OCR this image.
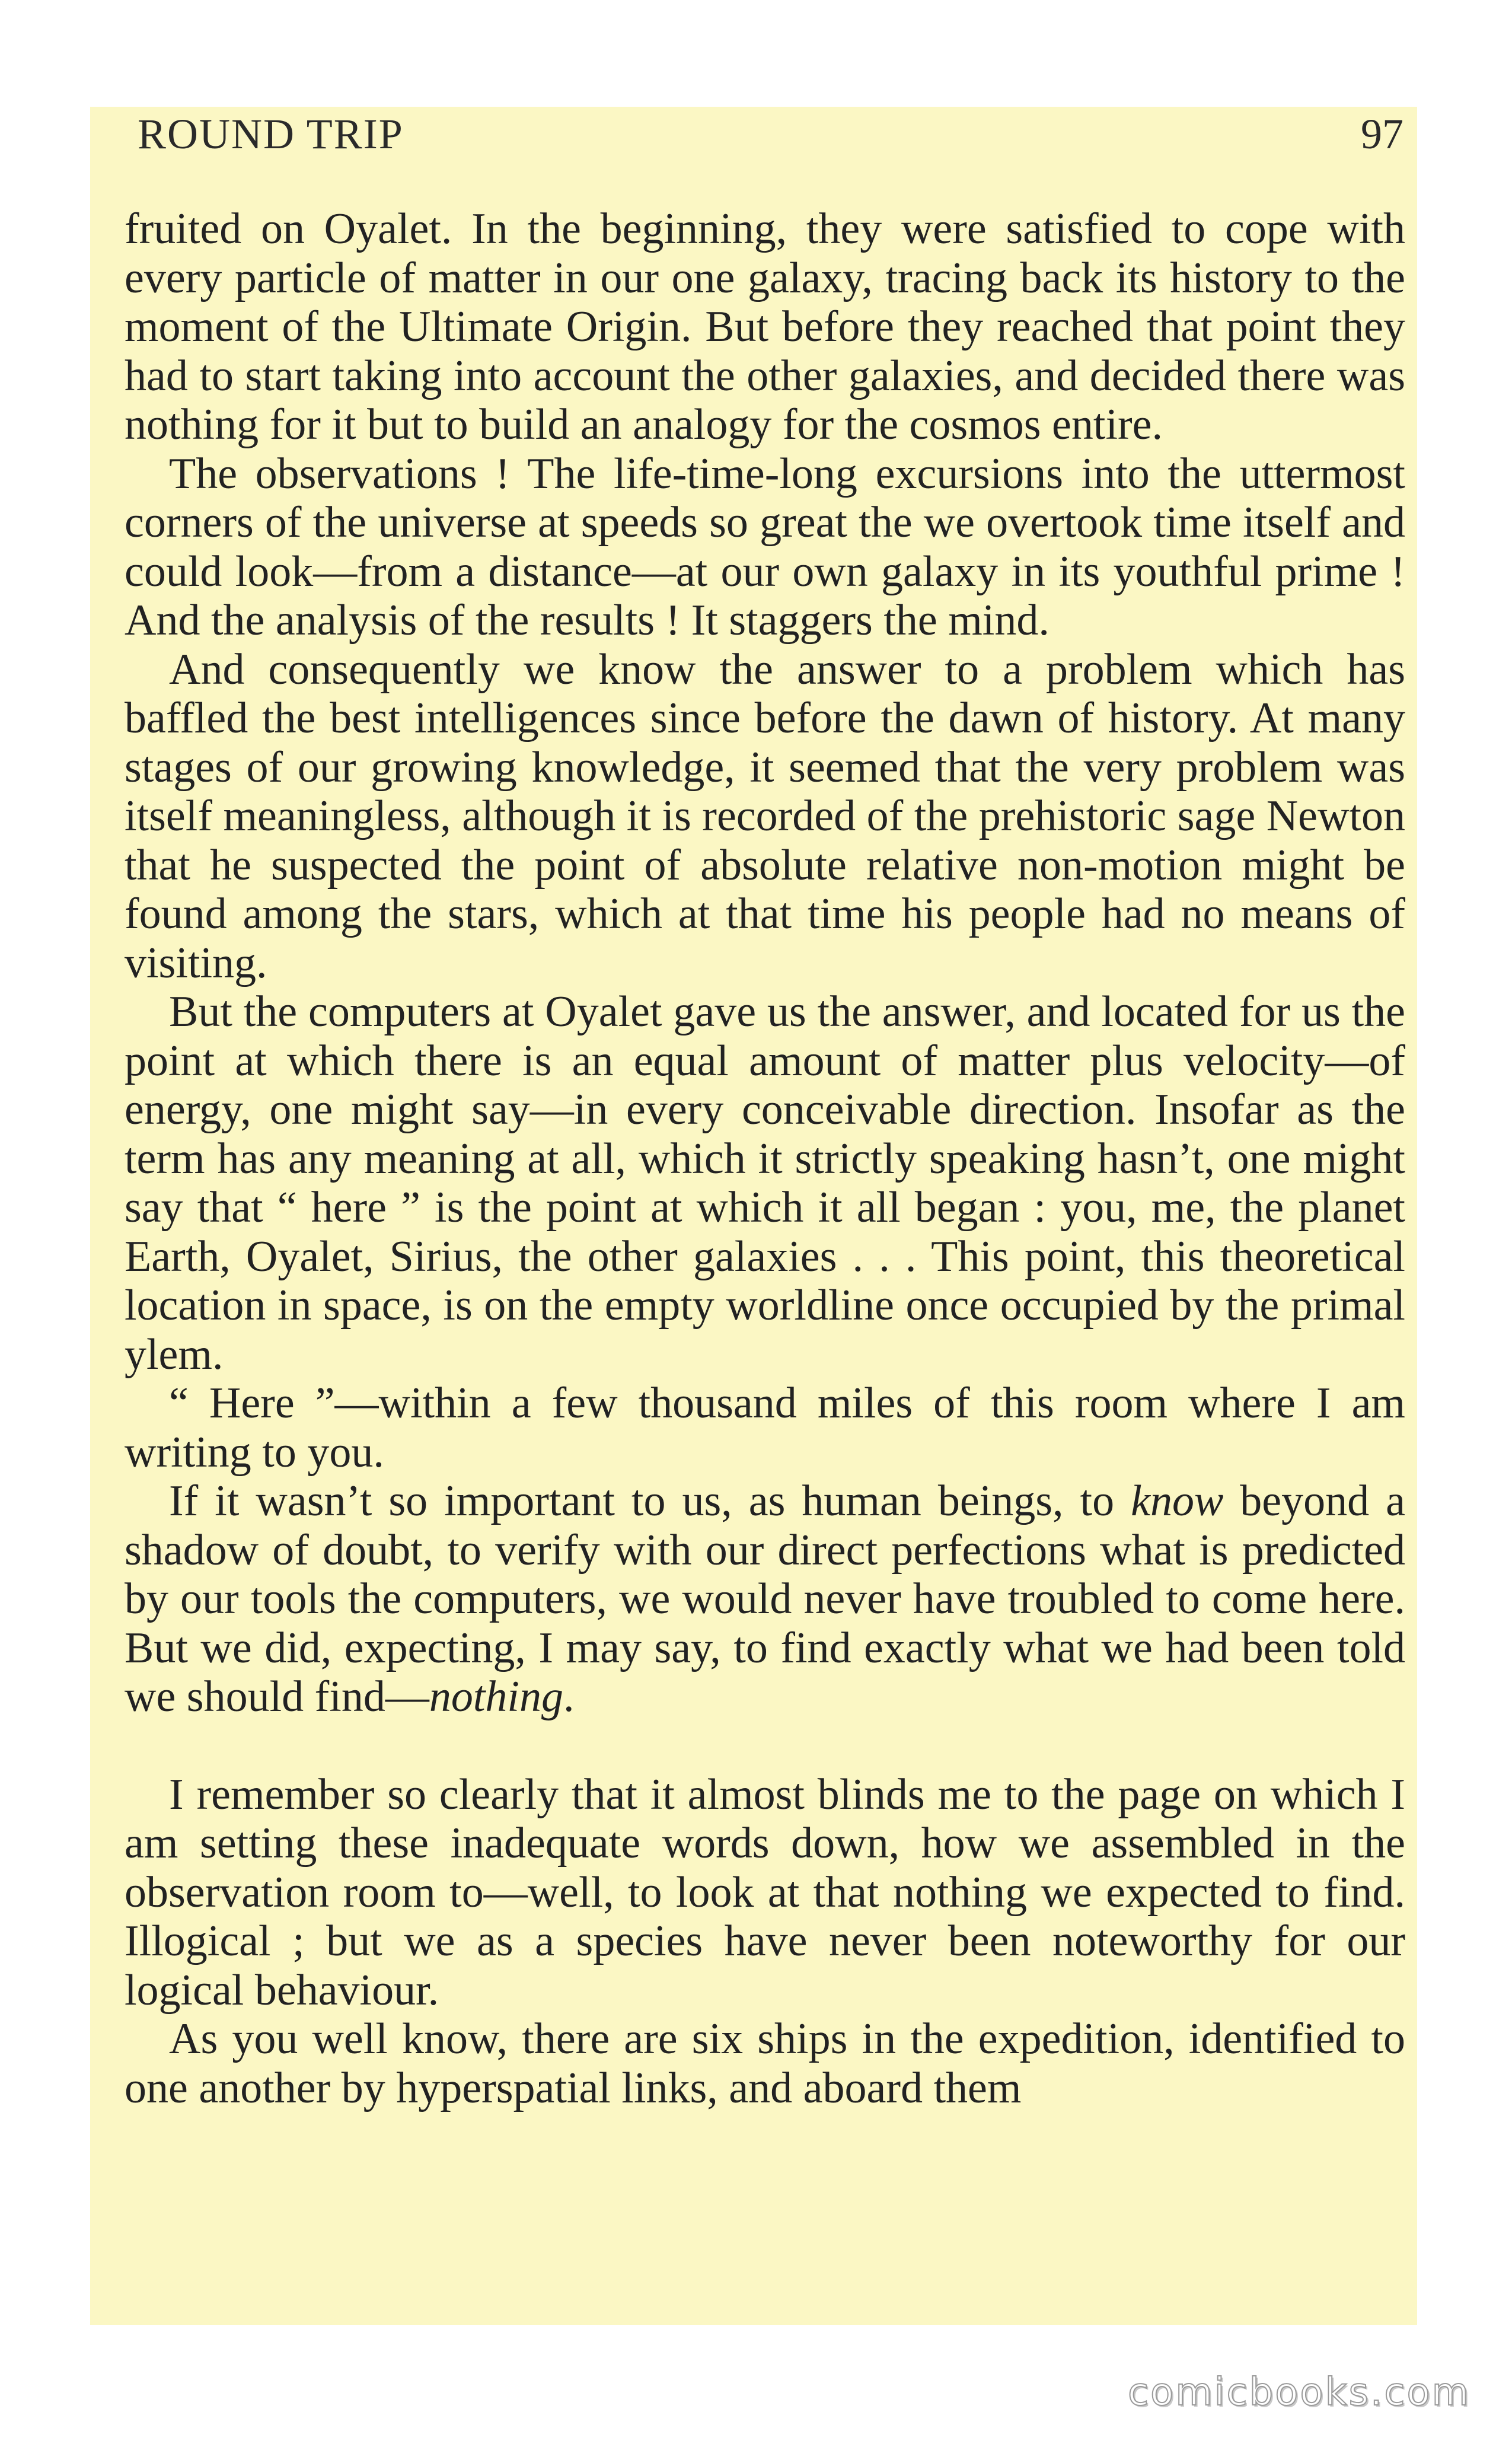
ROUND TRIP	97

fruited on Oyalet. In the beginning, they were satisfied to cope with every particle of matter in our one galaxy, tracing back its history to the moment of the Ultimate Origin. But before they reached that point they had to start taking into account the other galaxies, and decided there was nothing for it but to build an analogy for the cosmos entire.

The observations ! The life-time-long excursions into the uttermost corners of the universe at speeds so great the we overtook time itself and could look—from a distance—at our own galaxy in its youthful prime ! And the analysis of the results ! It staggers the mind.

And consequently we know the answer to a problem which has baffled the best intelligences since before the dawn of history. At many stages of our growing knowledge, it seemed that the very problem was itself meaningless, although it is recorded of the prehistoric sage Newton that he suspected the point of absolute relative non-motion might be found among the stars, which at that time his people had no means of visiting.

But the computers at Oyalet gave us the answer, and located for us the point at which there is an equal amount of matter plus velocity—of energy, one might say—in every conceivable direction. Insofar as the term has any meaning at all, which it strictly speaking hasn’t, one might say that “ here ” is the point at which it all began : you, me, the planet Earth, Oyalet, Sirius, the other galaxies . . . This point, this theoretical location in space, is on the empty worldline once occupied by the primal ylem.

“ Here ”—within a few thousand miles of this room where I am writing to you.

If it wasn’t so important to us, as human beings, to know beyond a shadow of doubt, to verify with our direct perfections what is predicted by our tools the computers, we would never have troubled to come here. But we did, expecting, I may say, to find exactly what we had been told we should find—nothing.

I remember so clearly that it almost blinds me to the page on which I am setting these inadequate words down, how we assembled in the observation room to—well, to look at that nothing we expected to find. Illogical ; but we as a species have never been noteworthy for our logical behaviour.

As you well know, there are six ships in the expedition, identified to one another by hyperspatial links, and aboard them

comicbooks.com
